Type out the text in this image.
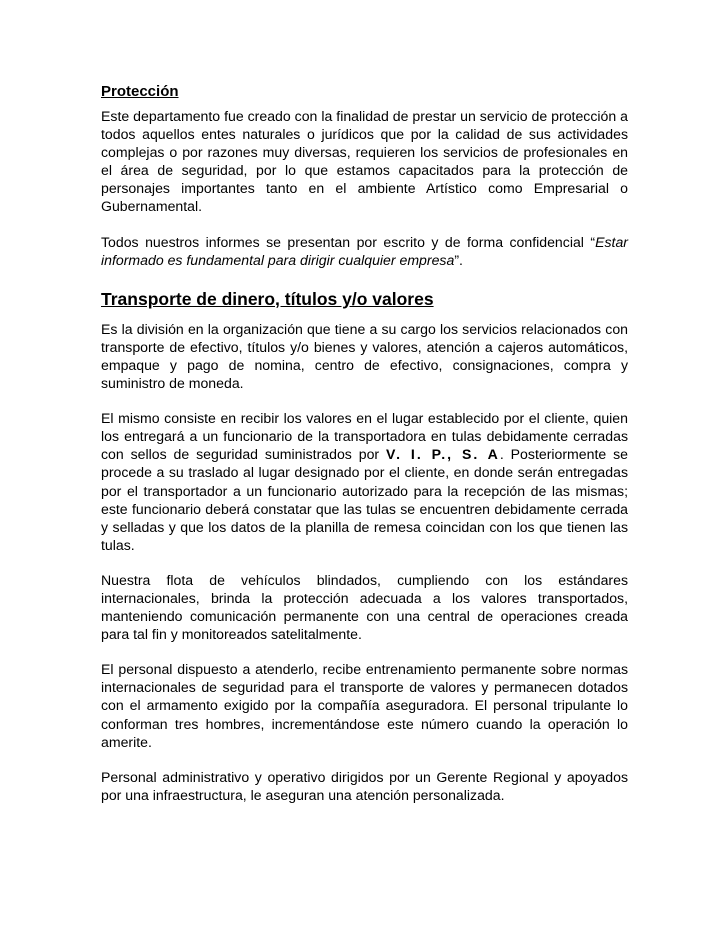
Protección

Este departamento fue creado con la finalidad de prestar un servicio de protección a todos aquellos entes naturales o jurídicos que por la calidad de sus actividades complejas o por razones muy diversas, requieren los servicios de profesionales en el área de seguridad, por lo que estamos capacitados para la protección de personajes importantes tanto en el ambiente Artístico como Empresarial o Gubernamental.

Todos nuestros informes se presentan por escrito y de forma confidencial “Estar informado es fundamental para dirigir cualquier empresa”.

Transporte de dinero, títulos y/o valores

Es la división en la organización que tiene a su cargo los servicios relacionados con transporte de efectivo, títulos y/o bienes y valores, atención a cajeros automáticos, empaque y pago de nomina, centro de efectivo, consignaciones, compra y suministro de moneda.

El mismo consiste en recibir los valores en el lugar establecido por el cliente, quien los entregará a un funcionario de la transportadora en tulas debidamente cerradas con sellos de seguridad suministrados por V. I. P., S. A. Posteriormente se procede a su traslado al lugar designado por el cliente, en donde serán entregadas por el transportador a un funcionario autorizado para la recepción de las mismas; este funcionario deberá constatar que las tulas se encuentren debidamente cerrada y selladas y que los datos de la planilla de remesa coincidan con los que tienen las tulas.

Nuestra flota de vehículos blindados, cumpliendo con los estándares internacionales, brinda la protección adecuada a los valores transportados, manteniendo comunicación permanente con una central de operaciones creada para tal fin y monitoreados satelitalmente.

El personal dispuesto a atenderlo, recibe entrenamiento permanente sobre normas internacionales de seguridad para el transporte de valores y permanecen dotados con el armamento exigido por la compañía aseguradora. El personal tripulante lo conforman tres hombres, incrementándose este número cuando la operación lo amerite.

Personal administrativo y operativo dirigidos por un Gerente Regional y apoyados por una infraestructura, le aseguran una atención personalizada.
